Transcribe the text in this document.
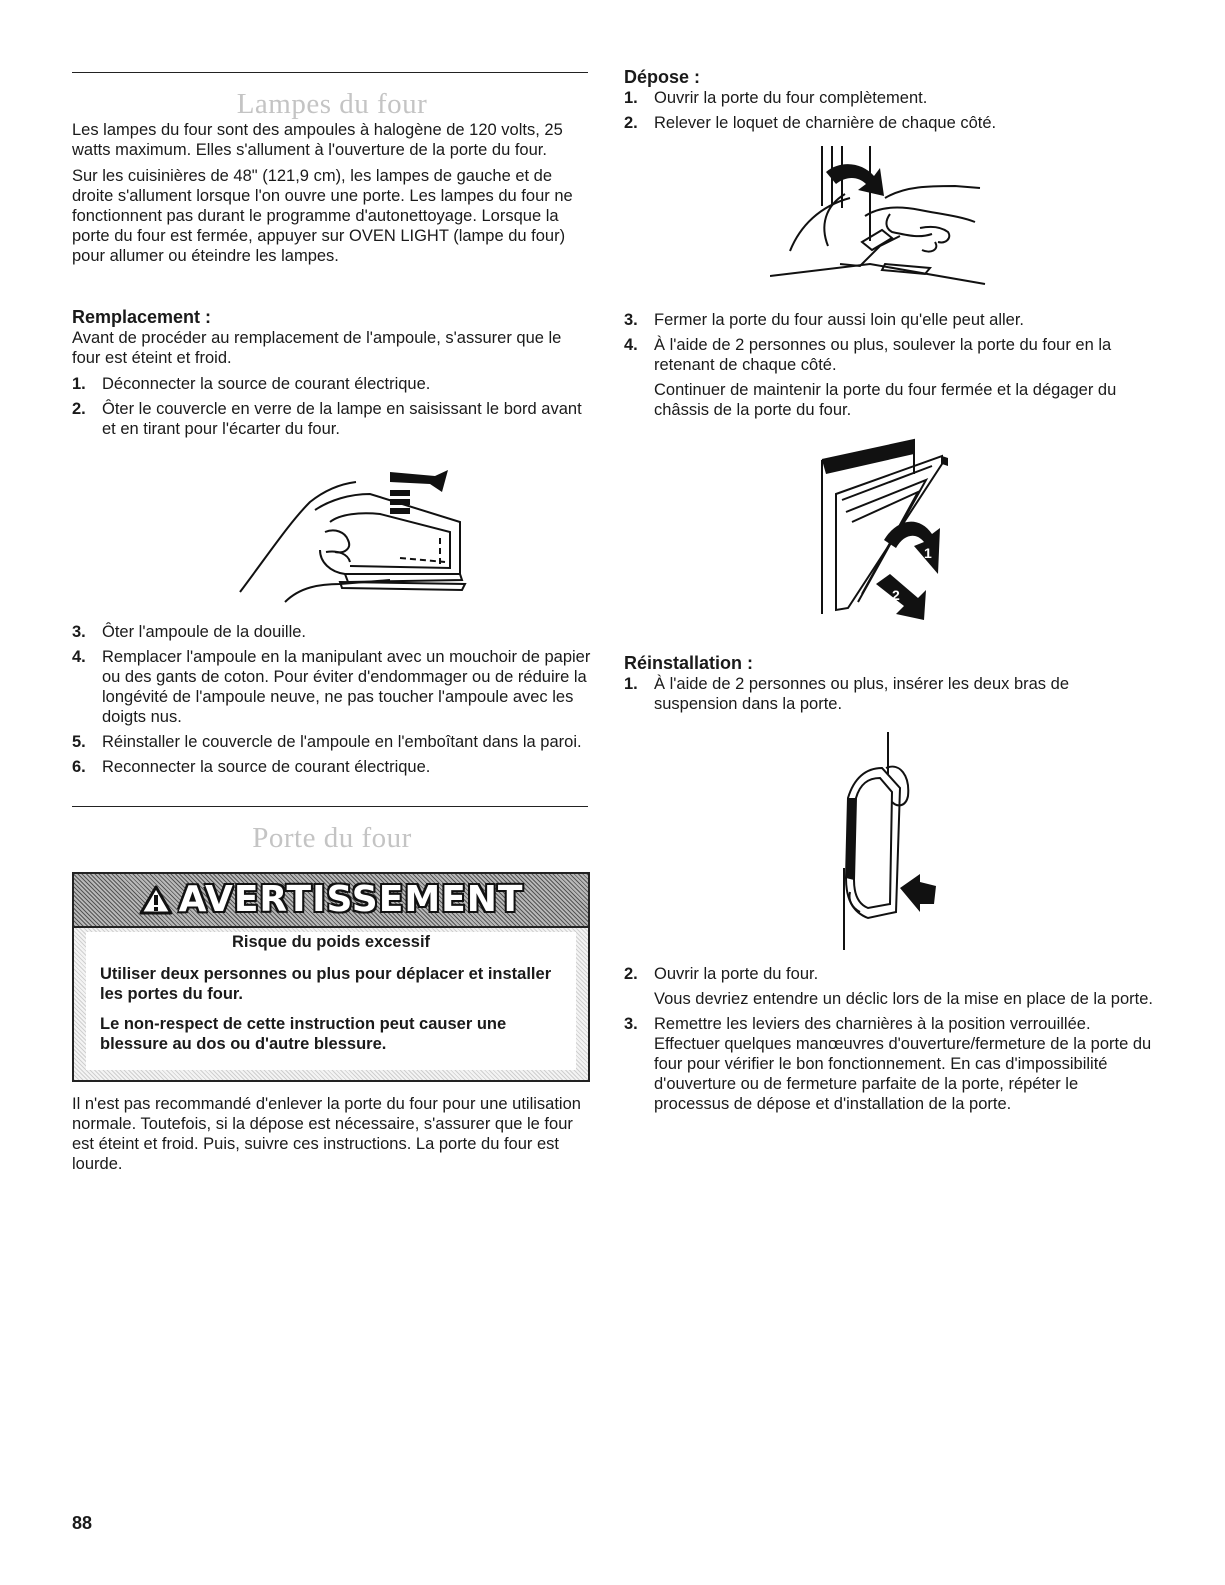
Lampes du four

Les lampes du four sont des ampoules à halogène de 120 volts, 25 watts maximum. Elles s'allument à l'ouverture de la porte du four.

Sur les cuisinières de 48" (121,9 cm), les lampes de gauche et de droite s'allument lorsque l'on ouvre une porte. Les lampes du four ne fonctionnent pas durant le programme d'autonettoyage. Lorsque la porte du four est fermée, appuyer sur OVEN LIGHT (lampe du four) pour allumer ou éteindre les lampes.

Remplacement :

Avant de procéder au remplacement de l'ampoule, s'assurer que le four est éteint et froid.

1. Déconnecter la source de courant électrique.
2. Ôter le couvercle en verre de la lampe en saisissant le bord avant et en tirant pour l'écarter du four.
3. Ôter l'ampoule de la douille.
4. Remplacer l'ampoule en la manipulant avec un mouchoir de papier ou des gants de coton. Pour éviter d'endommager ou de réduire la longévité de l'ampoule neuve, ne pas toucher l'ampoule avec les doigts nus.
5. Réinstaller le couvercle de l'ampoule en l'emboîtant dans la paroi.
6. Reconnecter la source de courant électrique.
Porte du four
AVERTISSEMENT

Risque du poids excessif

Utiliser deux personnes ou plus pour déplacer et installer les portes du four.

Le non-respect de cette instruction peut causer une blessure au dos ou d'autre blessure.

Il n'est pas recommandé d'enlever la porte du four pour une utilisation normale. Toutefois, si la dépose est nécessaire, s'assurer que le four est éteint et froid. Puis, suivre ces instructions. La porte du four est lourde.

Dépose :
1. Ouvrir la porte du four complètement.
2. Relever le loquet de charnière de chaque côté.
3. Fermer la porte du four aussi loin qu'elle peut aller.
4. À l'aide de 2 personnes ou plus, soulever la porte du four en la retenant de chaque côté.

Continuer de maintenir la porte du four fermée et la dégager du châssis de la porte du four.

1
2
Réinstallation :
1. À l'aide de 2 personnes ou plus, insérer les deux bras de suspension dans la porte.
2. Ouvrir la porte du four.

Vous devriez entendre un déclic lors de la mise en place de la porte.

3. Remettre les leviers des charnières à la position verrouillée. Effectuer quelques manœuvres d'ouverture/fermeture de la porte du four pour vérifier le bon fonctionnement. En cas d'impossibilité d'ouverture ou de fermeture parfaite de la porte, répéter le processus de dépose et d'installation de la porte.
88
